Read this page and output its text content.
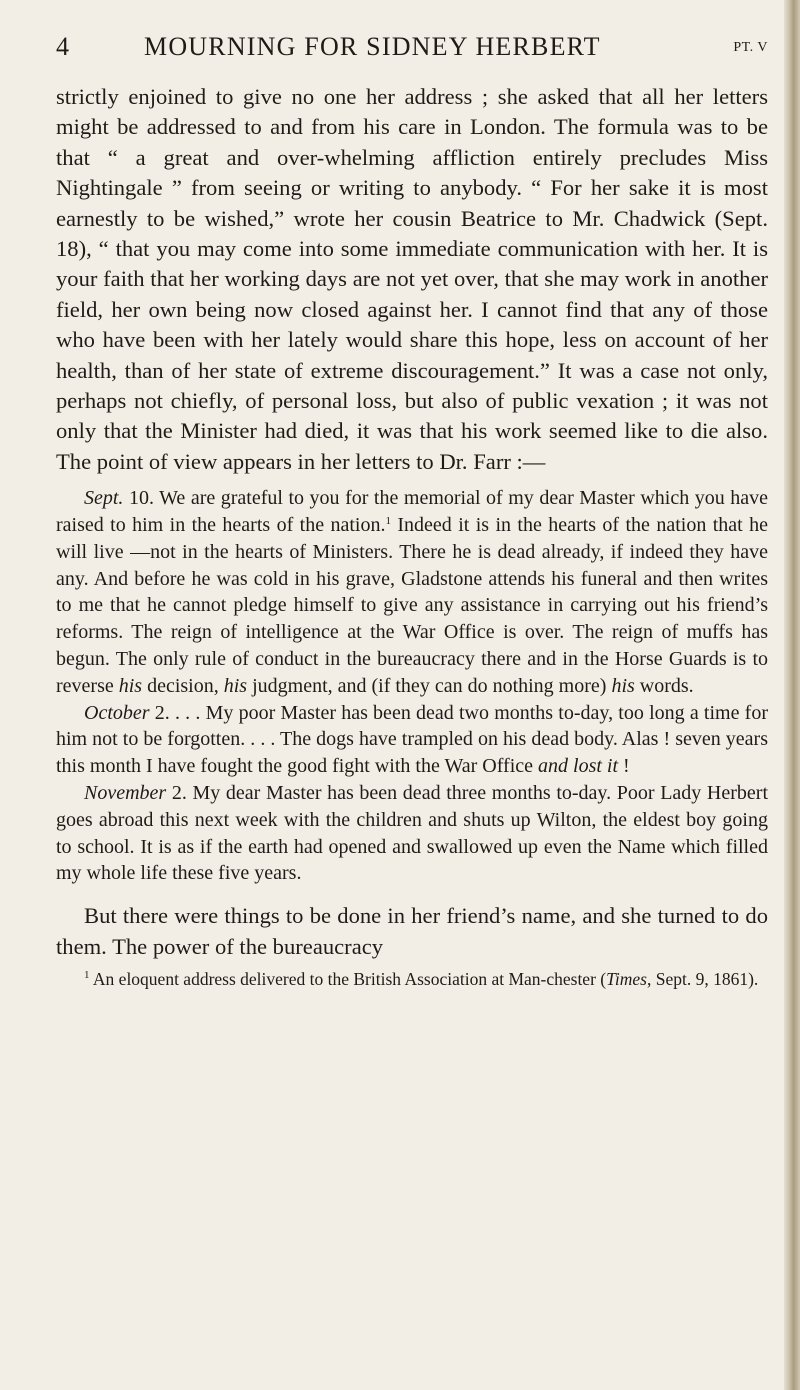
4	MOURNING FOR SIDNEY HERBERT	PT. V

strictly enjoined to give no one her address ; she asked that all her letters might be addressed to and from his care in London. The formula was to be that “ a great and over-whelming affliction entirely precludes Miss Nightingale ” from seeing or writing to anybody. “ For her sake it is most earnestly to be wished,” wrote her cousin Beatrice to Mr. Chadwick (Sept. 18), “ that you may come into some immediate communication with her. It is your faith that her working days are not yet over, that she may work in another field, her own being now closed against her. I cannot find that any of those who have been with her lately would share this hope, less on account of her health, than of her state of extreme discouragement.” It was a case not only, perhaps not chiefly, of personal loss, but also of public vexation ; it was not only that the Minister had died, it was that his work seemed like to die also. The point of view appears in her letters to Dr. Farr :—

Sept. 10. We are grateful to you for the memorial of my dear Master which you have raised to him in the hearts of the nation.$^1$ Indeed it is in the hearts of the nation that he will live —not in the hearts of Ministers. There he is dead already, if indeed they have any. And before he was cold in his grave, Gladstone attends his funeral and then writes to me that he cannot pledge himself to give any assistance in carrying out his friend’s reforms. The reign of intelligence at the War Office is over. The reign of muffs has begun. The only rule of conduct in the bureaucracy there and in the Horse Guards is to reverse his decision, his judgment, and (if they can do nothing more) his words.

October 2. . . . My poor Master has been dead two months to-day, too long a time for him not to be forgotten. . . . The dogs have trampled on his dead body. Alas ! seven years this month I have fought the good fight with the War Office and lost it !

November 2. My dear Master has been dead three months to-day. Poor Lady Herbert goes abroad this next week with the children and shuts up Wilton, the eldest boy going to school. It is as if the earth had opened and swallowed up even the Name which filled my whole life these five years.

But there were things to be done in her friend’s name, and she turned to do them. The power of the bureaucracy

$^1$ An eloquent address delivered to the British Association at Man-chester (Times, Sept. 9, 1861).
